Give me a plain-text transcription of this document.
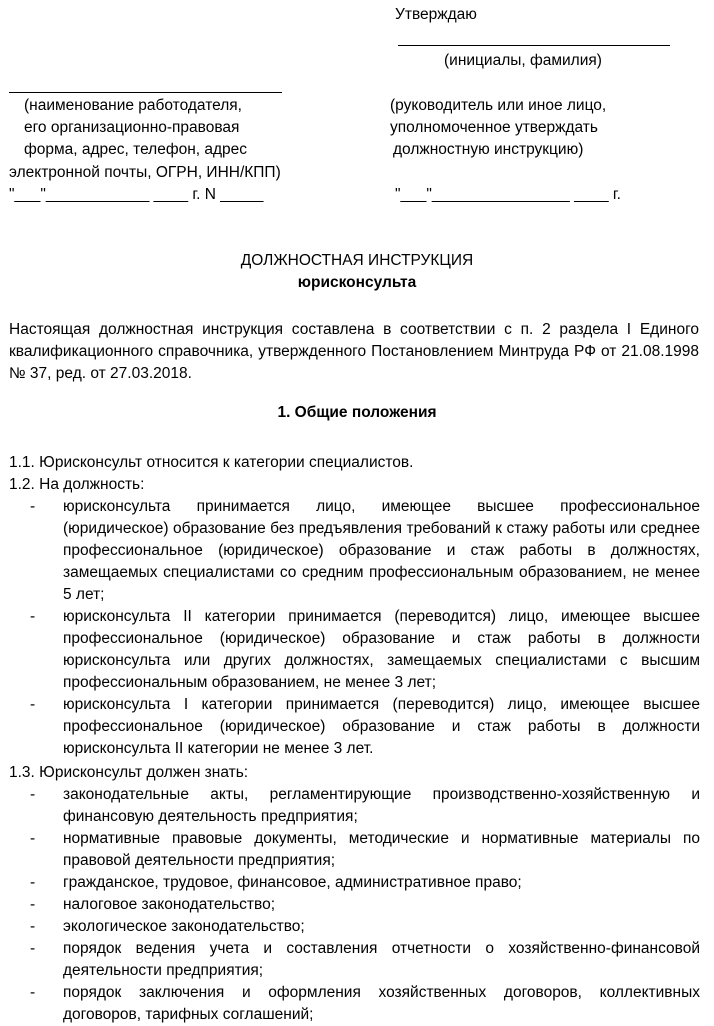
Утверждаю
(инициалы, фамилия)
(наименование работодателя,
его организационно-правовая
форма, адрес, телефон, адрес
электронной почты, ОГРН, ИНН/КПП)
"___"____________ ____ г. N _____
(руководитель или иное лицо,
уполномоченное утверждать
должностную инструкцию)
"___"________________ ____ г.
ДОЛЖНОСТНАЯ ИНСТРУКЦИЯ
юрисконсульта
Настоящая должностная инструкция составлена в соответствии с п. 2 раздела I Единого квалификационного справочника, утвержденного Постановлением Минтруда РФ от 21.08.1998 № 37, ред. от 27.03.2018.
1. Общие положения
1.1. Юрисконсульт относится к категории специалистов.
1.2. На должность:
- юрисконсульта принимается лицо, имеющее высшее профессиональное (юридическое) образование без предъявления требований к стажу работы или среднее профессиональное (юридическое) образование и стаж работы в должностях, замещаемых специалистами со средним профессиональным образованием, не менее 5 лет;
- юрисконсульта II категории принимается (переводится) лицо, имеющее высшее профессиональное (юридическое) образование и стаж работы в должности юрисконсульта или других должностях, замещаемых специалистами с высшим профессиональным образованием, не менее 3 лет;
- юрисконсульта I категории принимается (переводится) лицо, имеющее высшее профессиональное (юридическое) образование и стаж работы в должности юрисконсульта II категории не менее 3 лет.
1.3. Юрисконсульт должен знать:
- законодательные акты, регламентирующие производственно-хозяйственную и финансовую деятельность предприятия;
- нормативные правовые документы, методические и нормативные материалы по правовой деятельности предприятия;
- гражданское, трудовое, финансовое, административное право;
- налоговое законодательство;
- экологическое законодательство;
- порядок ведения учета и составления отчетности о хозяйственно-финансовой деятельности предприятия;
- порядок заключения и оформления хозяйственных договоров, коллективных договоров, тарифных соглашений;
